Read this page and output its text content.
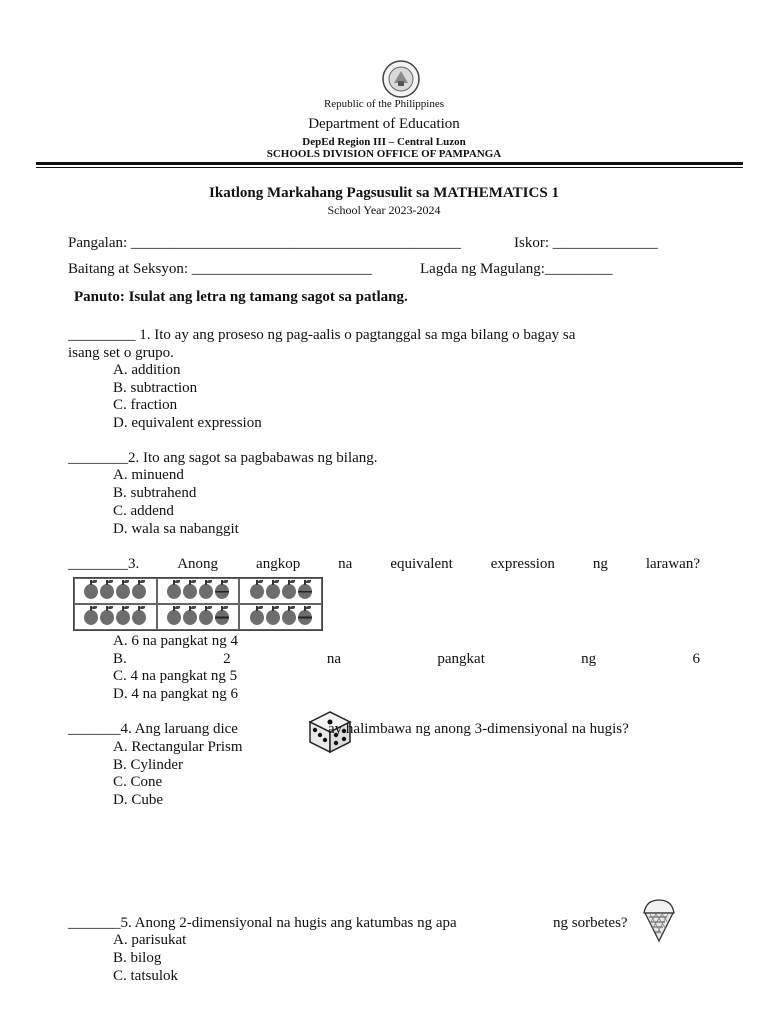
Republic of the Philippines
Department of Education
DepEd Region III – Central Luzon
SCHOOLS DIVISION OFFICE OF PAMPANGA
Ikatlong Markahang Pagsusulit sa MATHEMATICS 1
School Year 2023-2024
Pangalan: ____________________________________________	Iskor: ______________
Baitang at Seksyon: ________________________	Lagda ng Magulang:_________
Panuto: Isulat ang letra ng tamang sagot sa patlang.
_________ 1. Ito ay ang proseso ng pag-aalis o pagtanggal sa mga bilang o bagay sa
isang set o grupo.
A. addition
B. subtraction
C. fraction
D. equivalent expression
________2. Ito ang sagot sa pagbabawas ng bilang.
A. minuend
B. subtrahend
C. addend
D. wala sa nabanggit
________3.	Anong	angkop	na	equivalent	expression	ng	larawan?
A. 6 na pangkat ng 4
B.	2	na	pangkat	ng	6
C. 4 na pangkat ng 5
D. 4 na pangkat ng 6
_______4. Ang laruang dice	ay halimbawa ng anong 3-dimensiyonal na hugis?
A. Rectangular Prism
B. Cylinder
C. Cone
D. Cube
_______5. Anong 2-dimensiyonal na hugis ang katumbas ng apa	ng sorbetes?
A. parisukat
B. bilog
C. tatsulok
